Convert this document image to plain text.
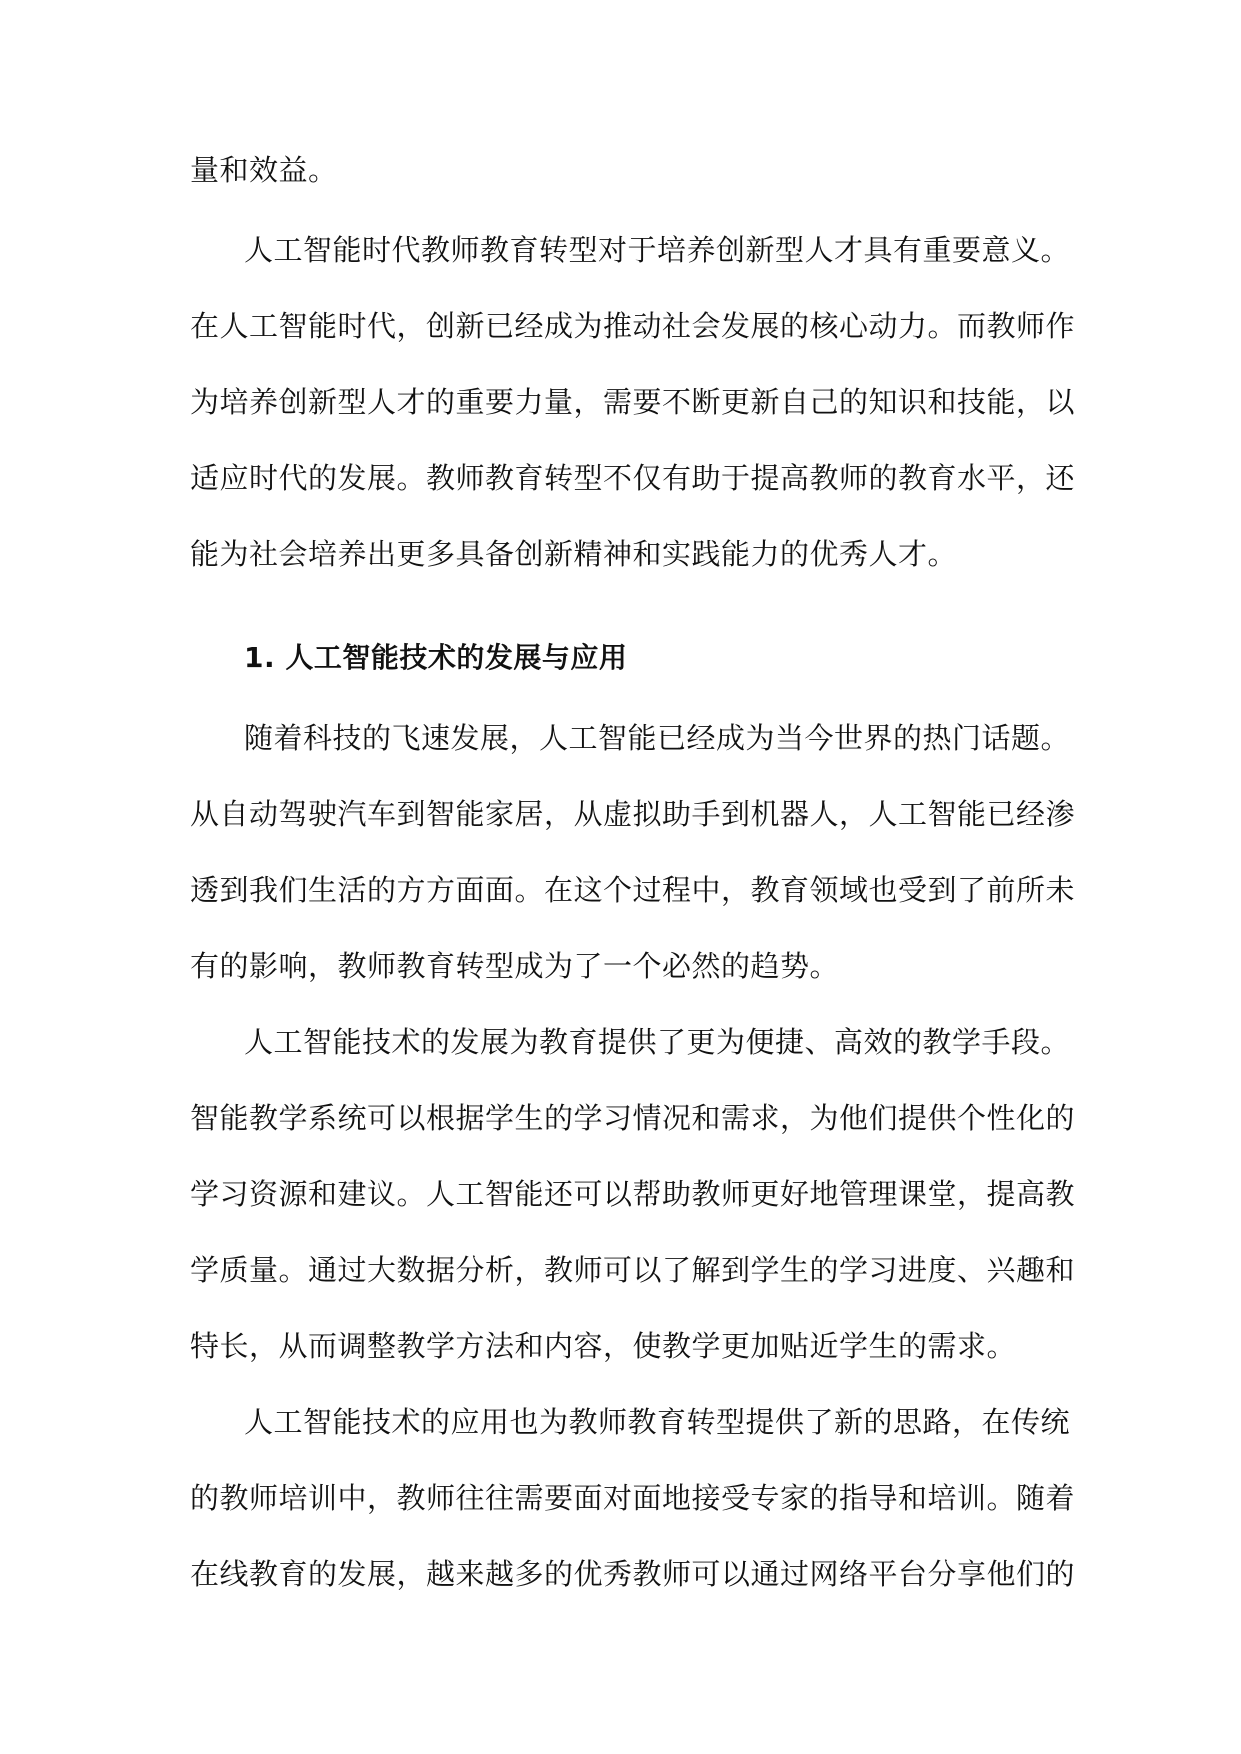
量和效益。
人工智能时代教师教育转型对于培养创新型人才具有重要意义。
在人工智能时代，创新已经成为推动社会发展的核心动力。而教师作
为培养创新型人才的重要力量，需要不断更新自己的知识和技能，以
适应时代的发展。教师教育转型不仅有助于提高教师的教育水平，还
能为社会培养出更多具备创新精神和实践能力的优秀人才。
1. 人工智能技术的发展与应用
随着科技的飞速发展，人工智能已经成为当今世界的热门话题。
从自动驾驶汽车到智能家居，从虚拟助手到机器人，人工智能已经渗
透到我们生活的方方面面。在这个过程中，教育领域也受到了前所未
有的影响，教师教育转型成为了一个必然的趋势。
人工智能技术的发展为教育提供了更为便捷、高效的教学手段。
智能教学系统可以根据学生的学习情况和需求，为他们提供个性化的
学习资源和建议。人工智能还可以帮助教师更好地管理课堂，提高教
学质量。通过大数据分析，教师可以了解到学生的学习进度、兴趣和
特长，从而调整教学方法和内容，使教学更加贴近学生的需求。
人工智能技术的应用也为教师教育转型提供了新的思路，在传统
的教师培训中，教师往往需要面对面地接受专家的指导和培训。随着
在线教育的发展，越来越多的优秀教师可以通过网络平台分享他们的
